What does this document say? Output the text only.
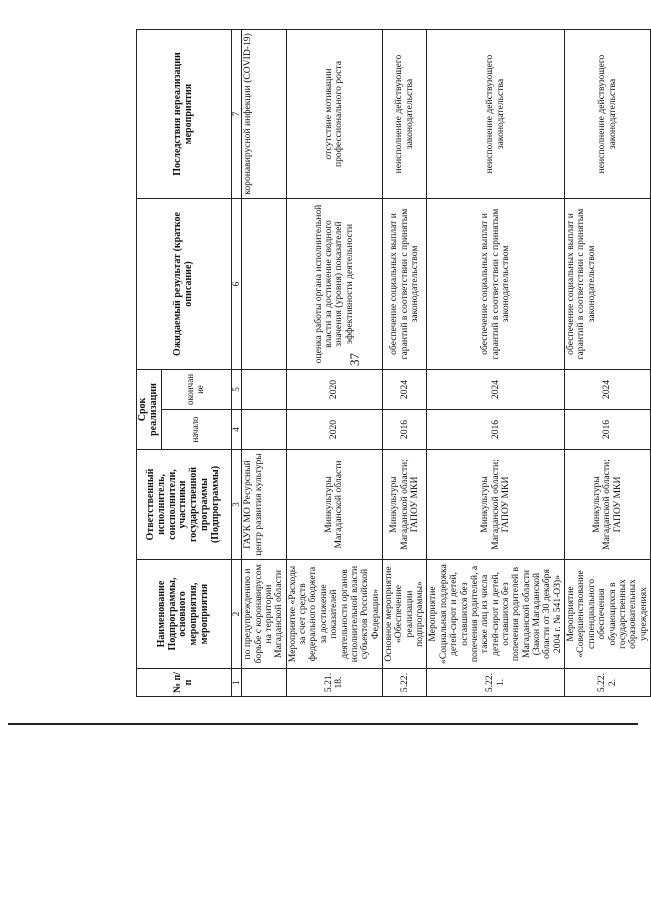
37
№ п/п	Наименование Подпрограммы, основного мероприятия, мероприятия	Ответственный исполнитель, соисполнители, участники государственной программы (Подпрограммы)	Срок реализации		Ожидаемый результат (краткое описание)	Последствия нереализации мероприятия
			начало	окончание		
1	2	3	4	5	6	7
	по предупреждению и борьбе с коронавирусом на территории Магаданской области	ГАУК МО Ресурсный центр развития культуры				коронавирусной инфекции (COVID-19)
5.21.18.	Мероприятие «Расходы за счет средств федерального бюджета за достижение показателей деятельности органов исполнительной власти субъектов Российской Федерации»	Минкультуры Магаданской области	2020	2020	оценка работы органа исполнительной власти за достижение сводного значения (уровня) показателей эффективности деятельности	отсутствие мотивации профессионального роста
5.22.	Основное мероприятие «Обеспечение реализации подпрограммы»	Минкультуры Магаданской области; ГАПОУ МКИ	2016	2024	обеспечение социальных выплат и гарантий в соответствии с принятым законодательством	неисполнение действующего законодательства
5.22.1.	Мероприятие «Социальная поддержка детей-сирот и детей, оставшихся без попечения родителей, а также лиц из числа детей-сирот и детей, оставшихся без попечения родителей в Магаданской области (Закон Магаданской области от 30 декабря 2004 г. № 541-ОЗ)»	Минкультуры Магаданской области; ГАПОУ МКИ	2016	2024	обеспечение социальных выплат и гарантий в соответствии с принятым законодательством	неисполнение действующего законодательства
5.22.2.	Мероприятие «Совершенствование стипендиального обеспечения обучающихся в государственных образовательных учреждениях	Минкультуры Магаданской области; ГАПОУ МКИ	2016	2024	обеспечение социальных выплат и гарантий в соответствии с принятым законодательством	неисполнение действующего законодательства
